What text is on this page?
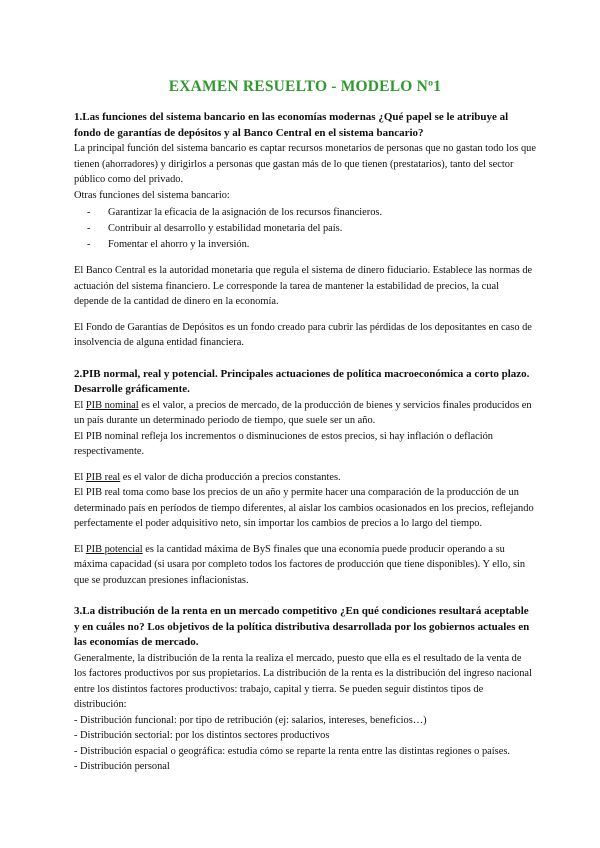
EXAMEN RESUELTO - MODELO Nº1

1.Las funciones del sistema bancario en las economías modernas ¿Qué papel se le atribuye al fondo de garantías de depósitos y al Banco Central en el sistema bancario?

La principal función del sistema bancario es captar recursos monetarios de personas que no gastan todo los que tienen (ahorradores) y dirigirlos a personas que gastan más de lo que tienen (prestatarios), tanto del sector público como del privado.

Otras funciones del sistema bancario:

- Garantizar la eficacia de la asignación de los recursos financieros.
- Contribuir al desarrollo y estabilidad monetaria del país.
- Fomentar el ahorro y la inversión.

El Banco Central es la autoridad monetaria que regula el sistema de dinero fiduciario. Establece las normas de actuación del sistema financiero. Le corresponde la tarea de mantener la estabilidad de precios, la cual depende de la cantidad de dinero en la economía.

El Fondo de Garantías de Depósitos es un fondo creado para cubrir las pérdidas de los depositantes en caso de insolvencia de alguna entidad financiera.

2.PIB normal, real y potencial. Principales actuaciones de política macroeconómica a corto plazo. Desarrolle gráficamente.

El PIB nominal es el valor, a precios de mercado, de la producción de bienes y servicios finales producidos en un país durante un determinado periodo de tiempo, que suele ser un año.

El PIB nominal refleja los incrementos o disminuciones de estos precios, si hay inflación o deflación respectivamente.

El PIB real es el valor de dicha producción a precios constantes.

El PIB real toma como base los precios de un año y permite hacer una comparación de la producción de un determinado país en períodos de tiempo diferentes, al aislar los cambios ocasionados en los precios, reflejando perfectamente el poder adquisitivo neto, sin importar los cambios de precios a lo largo del tiempo.

El PIB potencial es la cantidad máxima de ByS finales que una economía puede producir operando a su máxima capacidad (si usara por completo todos los factores de producción que tiene disponibles). Y ello, sin que se produzcan presiones inflacionistas.

3.La distribución de la renta en un mercado competitivo ¿En qué condiciones resultará aceptable y en cuáles no? Los objetivos de la política distributiva desarrollada por los gobiernos actuales en las economías de mercado.

Generalmente, la distribución de la renta la realiza el mercado, puesto que ella es el resultado de la venta de los factores productivos por sus propietarios. La distribución de la renta es la distribución del ingreso nacional entre los distintos factores productivos: trabajo, capital y tierra. Se pueden seguir distintos tipos de distribución:

- Distribución funcional: por tipo de retribución (ej: salarios, intereses, beneficios…)

- Distribución sectorial: por los distintos sectores productivos

- Distribución espacial o geográfica: estudia cómo se reparte la renta entre las distintas regiones o países.

- Distribución personal
